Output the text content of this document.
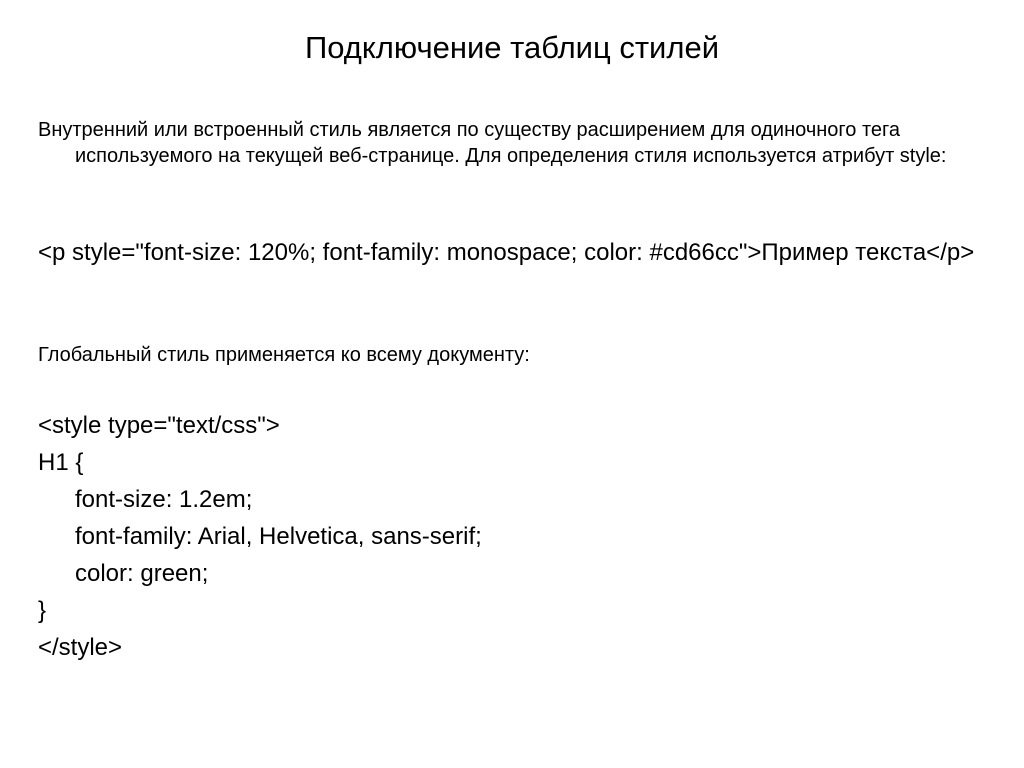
Подключение таблиц стилей

Внутренний или встроенный стиль является по существу расширением для одиночного тега используемого на текущей веб-странице. Для определения стиля используется атрибут style:

<p style="font-size: 120%; font-family: monospace; color: #cd66cc">Пример текста</p>

Глобальный стиль применяется ко всему документу:

<style type="text/css">

H1 {

font-size: 1.2em;

font-family: Arial, Helvetica, sans-serif;

color: green;

}

</style>
